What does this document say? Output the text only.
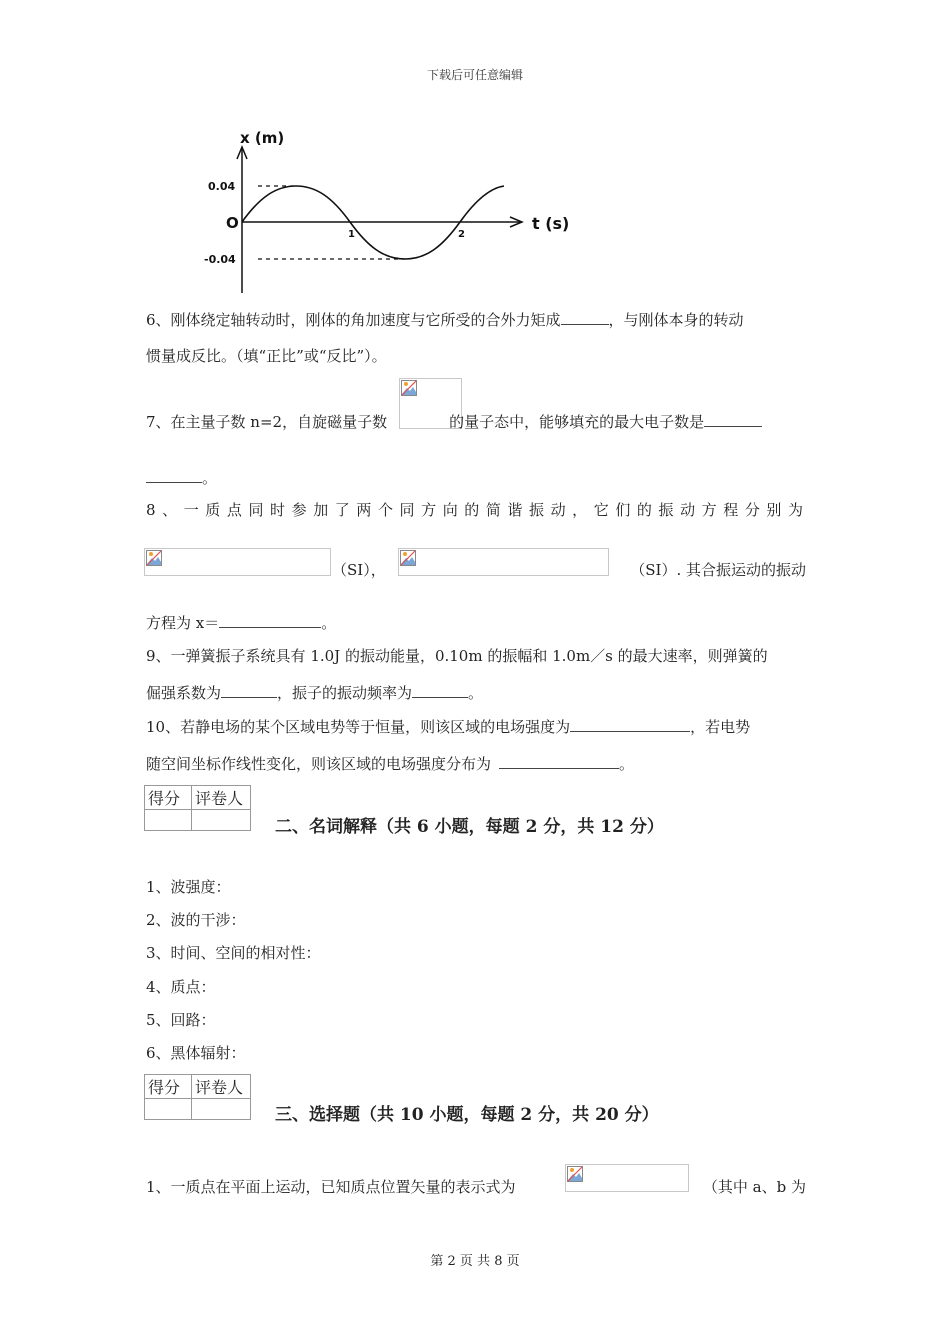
下载后可任意编辑
x (m)
t (s)
O
0.04
-0.04
1	2
6、刚体绕定轴转动时，刚体的角加速度与它所受的合外力矩成	，与刚体本身的转动
惯量成反比。（填“正比”或“反比”）。
7、在主量子数 n=2，自旋磁量子数	的量子态中，能够填充的最大电子数是
。
8、一质点同时参加了两个同方向的简谐振动，它们的振动方程分别为
（SI），	（SI）. 其合振运动的振动
方程为 x＝	。
9、一弹簧振子系统具有 1.0J 的振动能量，0.10m 的振幅和 1.0m／s 的最大速率，则弹簧的
倔强系数为	，振子的振动频率为	。
10、若静电场的某个区域电势等于恒量，则该区域的电场强度为	，若电势
随空间坐标作线性变化，则该区域的电场强度分布为	。
得分	评卷人

二、名词解释（共 6 小题，每题 2 分，共 12 分）
1、波强度：
2、波的干涉：
3、时间、空间的相对性：
4、质点：
5、回路：
6、黑体辐射：
得分	评卷人

三、选择题（共 10 小题，每题 2 分，共 20 分）
1、一质点在平面上运动，已知质点位置矢量的表示式为	（其中 a、b 为
第 2 页 共 8 页
